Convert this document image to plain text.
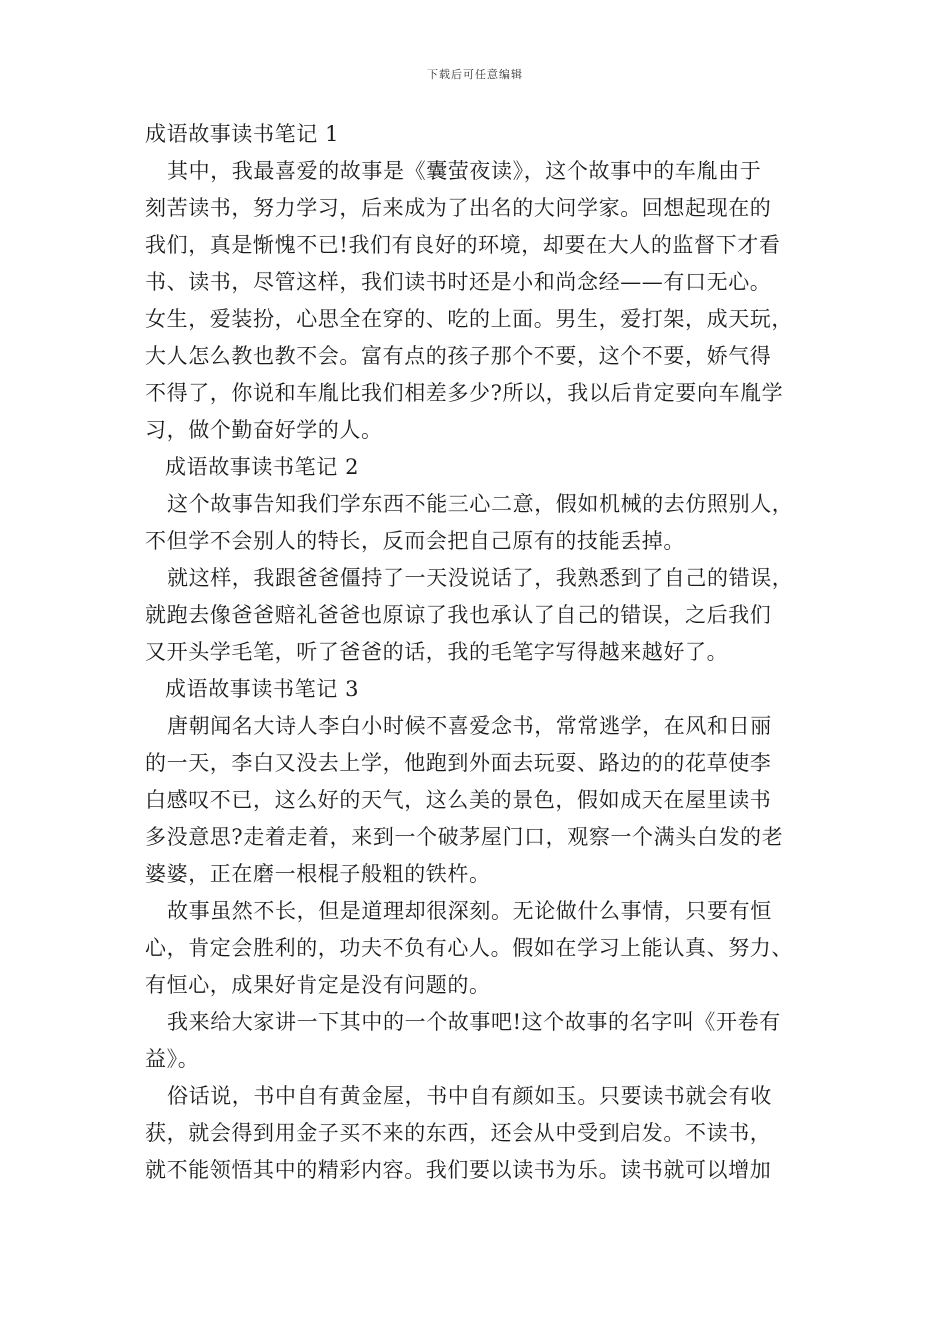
下载后可任意编辑
成语故事读书笔记 1
其中，我最喜爱的故事是《囊萤夜读》，这个故事中的车胤由于
刻苦读书，努力学习，后来成为了出名的大问学家。回想起现在的
我们，真是惭愧不已!我们有良好的环境，却要在大人的监督下才看
书、读书，尽管这样，我们读书时还是小和尚念经——有口无心。
女生，爱装扮，心思全在穿的、吃的上面。男生，爱打架，成天玩，
大人怎么教也教不会。富有点的孩子那个不要，这个不要，娇气得
不得了，你说和车胤比我们相差多少?所以，我以后肯定要向车胤学
习，做个勤奋好学的人。
成语故事读书笔记 2
这个故事告知我们学东西不能三心二意，假如机械的去仿照别人，
不但学不会别人的特长，反而会把自己原有的技能丢掉。
就这样，我跟爸爸僵持了一天没说话了，我熟悉到了自己的错误，
就跑去像爸爸赔礼爸爸也原谅了我也承认了自己的错误，之后我们
又开头学毛笔，听了爸爸的话，我的毛笔字写得越来越好了。
成语故事读书笔记 3
唐朝闻名大诗人李白小时候不喜爱念书，常常逃学，在风和日丽
的一天，李白又没去上学，他跑到外面去玩耍、路边的的花草使李
白感叹不已，这么好的天气，这么美的景色，假如成天在屋里读书
多没意思?走着走着，来到一个破茅屋门口，观察一个满头白发的老
婆婆，正在磨一根棍子般粗的铁杵。
故事虽然不长，但是道理却很深刻。无论做什么事情，只要有恒
心，肯定会胜利的，功夫不负有心人。假如在学习上能认真、努力、
有恒心，成果好肯定是没有问题的。
我来给大家讲一下其中的一个故事吧!这个故事的名字叫《开卷有
益》。
俗话说，书中自有黄金屋，书中自有颜如玉。只要读书就会有收
获，就会得到用金子买不来的东西，还会从中受到启发。不读书，
就不能领悟其中的精彩内容。我们要以读书为乐。读书就可以增加
